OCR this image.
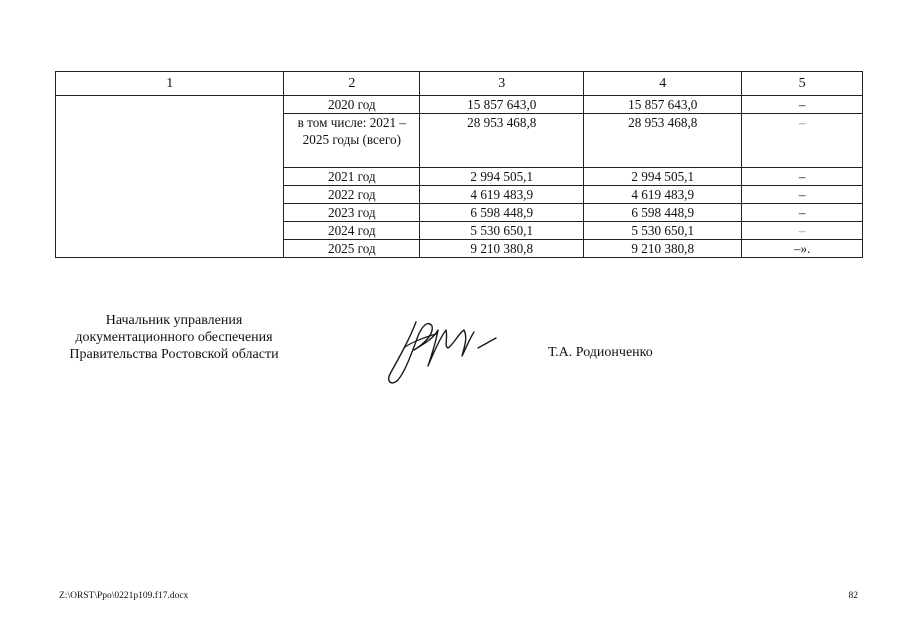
1	2	3	4	5
	2020 год	15 857 643,0	15 857 643,0	–
	в том числе: 2021 – 2025 годы (всего)	28 953 468,8	28 953 468,8	–
	2021 год	2 994 505,1	2 994 505,1	–
	2022 год	4 619 483,9	4 619 483,9	–
	2023 год	6 598 448,9	6 598 448,9	–
	2024 год	5 530 650,1	5 530 650,1	–
	2025 год	9 210 380,8	9 210 380,8	–».
Начальник управления
документационного обеспечения
Правительства Ростовской области	Т.А. Родионченко
Z:\ORST\Ppo\0221p109.f17.docx	82
